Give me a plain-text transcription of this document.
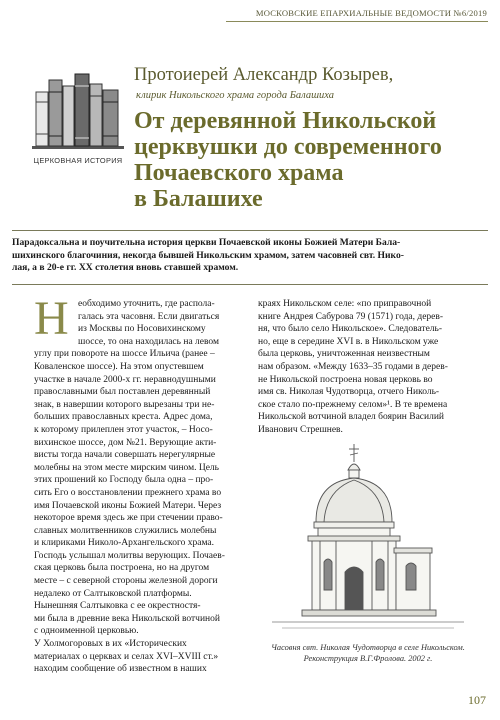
МОСКОВСКИЕ ЕПАРХИАЛЬНЫЕ ВЕДОМОСТИ №6/2019
ЦЕРКОВНАЯ ИСТОРИЯ
Протоиерей Александр Козырев,
клирик Никольского храма города Балашиха
От деревянной Никольской
церквушки до современного
Почаевского храма
в Балашихе

Парадоксальна и поучительна история церкви Почаевской иконы Божией Матери Бала-
шихинского благочиния, некогда бывшей Никольским храмом, затем часовней свт. Нико-
лая, а в 20-е гг. XX столетия вновь ставшей храмом.

Н еобходимо уточнить, где распола-
галась эта часовня. Если двигаться
из Москвы по Носовихинскому
шоссе, то она находилась на левом
углу при повороте на шоссе Ильича (ранее –
Коваленское шоссе). На этом опустевшем
участке в начале 2000-х гг. неравнодушными
православными был поставлен деревянный
знак, в навершии которого вырезаны три не-
больших православных креста. Адрес дома,
к которому прилеплен этот участок, – Носо-
вихинское шоссе, дом №21. Верующие акти-
висты тогда начали совершать нерегулярные
молебны на этом месте мирским чином. Цель
этих прошений ко Господу была одна – про-
сить Его о восстановлении прежнего храма во
имя Почаевской иконы Божией Матери. Через
некоторое время здесь же при стечении право-
славных молитвенников служились молебны
и клириками Николо-Архангельского храма.
Господь услышал молитвы верующих. Почаев-
ская церковь была построена, но на другом
месте – с северной стороны железной дороги
недалеко от Салтыковской платформы.
Нынешняя Салтыковка с ее окрестностя-
ми была в древние века Никольской вотчиной
с одноименной церковью.
У Холмогоровых в их «Исторических
материалах о церквах и селах XVI–XVIII ст.»
находим сообщение об известном в наших
краях Никольском селе: «по приправочной
книге Андрея Сабурова 79 (1571) года, дерев-
ня, что было село Никольское». Следователь-
но, еще в середине XVI в. в Никольском уже
была церковь, уничтоженная неизвестным
нам образом. «Между 1633–35 годами в дерев-
не Никольской построена новая церковь во
имя св. Николая Чудотворца, отчего Николь-
ское стало по-прежнему селом»¹. В те времена
Никольской вотчиной владел боярин Василий
Иванович Стрешнев.
Часовня свт. Николая Чудотворца в селе Никольском.
Реконструкция В.Г.Фролова. 2002 г.
107
